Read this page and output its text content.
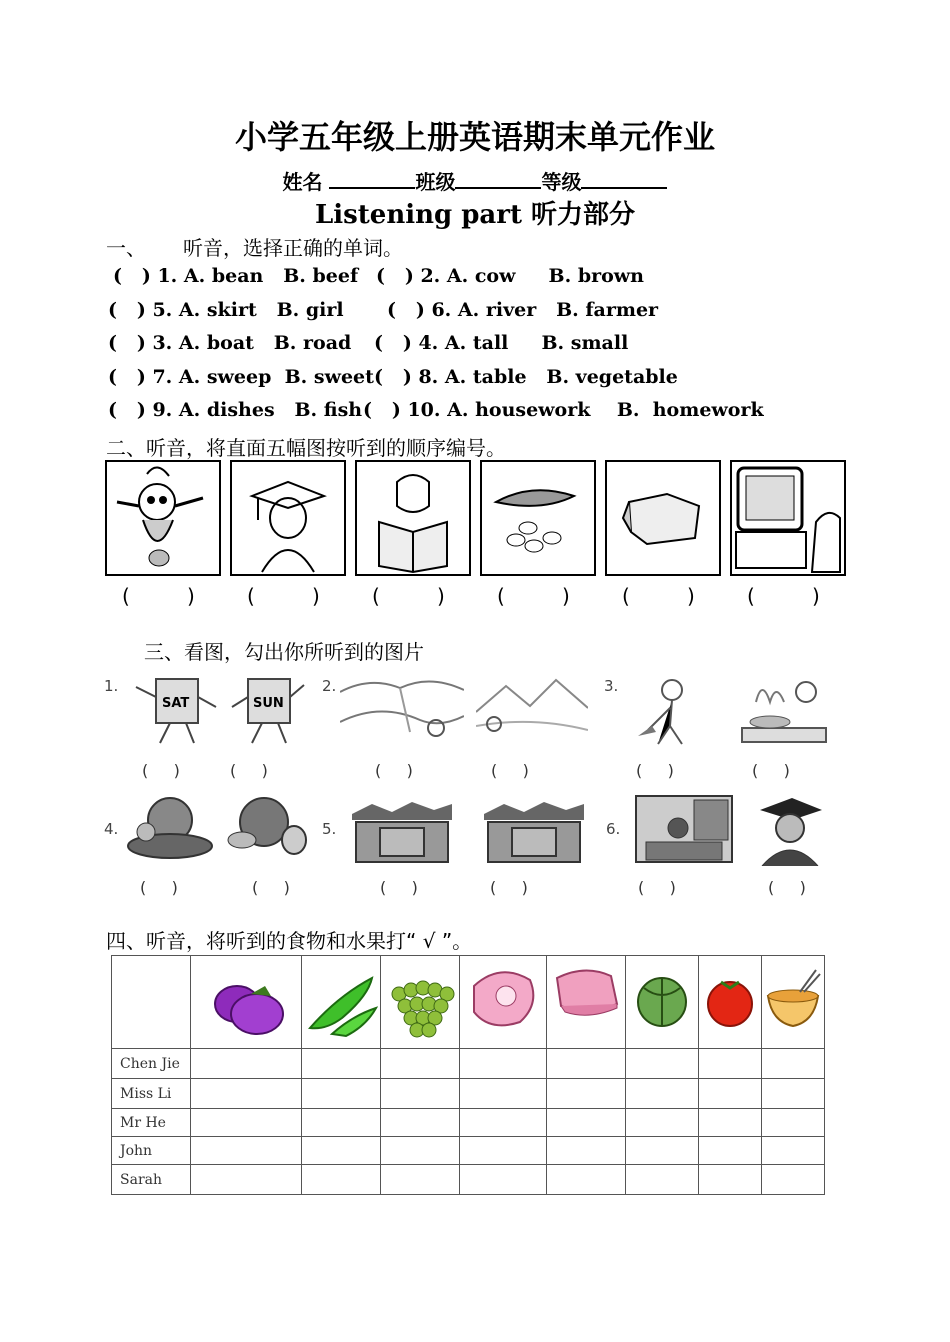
小学五年级上册英语期末单元作业
姓名	班级	等级
Listening part 听力部分
一、 听音，选择正确的单词。
(   ) 1. A. bean   B. beef (   ) 2. A. cow     B. brown
(   ) 5. A. skirt   B. girl (   ) 6. A. river   B. farmer
(   ) 3. A. boat   B. road (   ) 4. A. tall     B. small
(   ) 7. A. sweep  B. sweet (   ) 8. A. table   B. vegetable
(   ) 9. A. dishes   B. fish (   ) 10. A. housework    B.  homework
二、听音，将直面五幅图按听到的顺序编号。
(         )	(         )	(         )	(         )	(         )	(         )
三、看图，勾出你所听到的图片
1.	2.	3.
4.	5.	6.
SAT	SUN
(     )	(     )	(     )	(     )	(     )	(     )
(     )	(     )	(     )	(     )	(     )	(     )
四、听音，将听到的食物和水果打“ √ ”。

Chen Jie								
Miss Li								
Mr He								
John								
Sarah								
